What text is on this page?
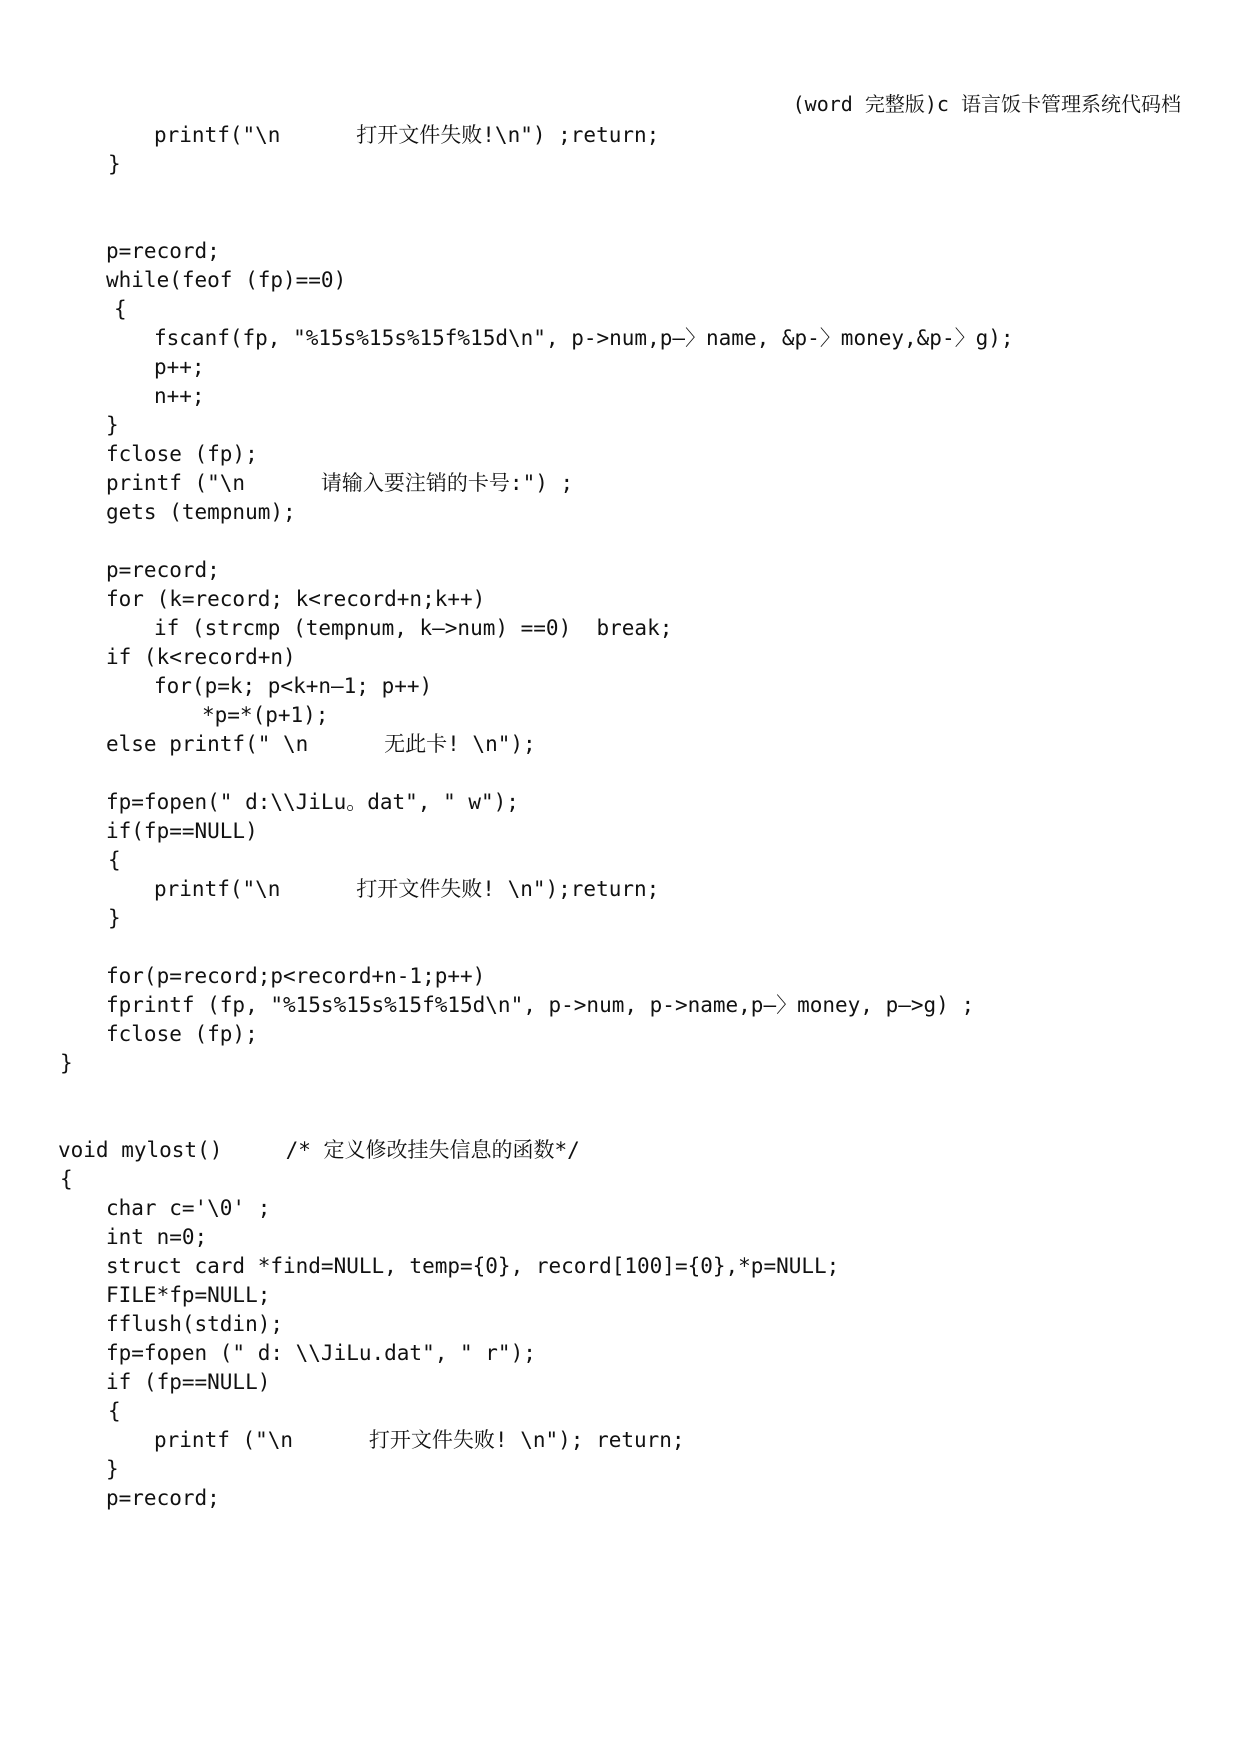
(word 完整版)c 语言饭卡管理系统代码档
printf("\n      打开文件失败!\n") ;return;
}
p=record;
while(feof (fp)==0)
{
fscanf(fp, "%15s%15s%15f%15d\n", p->num,p—〉name, &p-〉money,&p-〉g);
p++;
n++;
}
fclose (fp);
printf ("\n      请输入要注销的卡号:") ;
gets (tempnum);
p=record;
for (k=record; k<record+n;k++)
if (strcmp (tempnum, k—>num) ==0)  break;
if (k<record+n)
for(p=k; p<k+n—1; p++)
*p=*(p+1);
else printf(" \n      无此卡! \n");
fp=fopen(" d:\\JiLu。dat", " w");
if(fp==NULL)
{
printf("\n      打开文件失败! \n");return;
}
for(p=record;p<record+n-1;p++)
fprintf (fp, "%15s%15s%15f%15d\n", p->num, p->name,p—〉money, p—>g) ;
fclose (fp);
}
void mylost()     /* 定义修改挂失信息的函数*/
{
char c='\0' ;
int n=0;
struct card *find=NULL, temp={0}, record[100]={0},*p=NULL;
FILE*fp=NULL;
fflush(stdin);
fp=fopen (" d: \\JiLu.dat", " r");
if (fp==NULL)
{
printf ("\n      打开文件失败! \n"); return;
}
p=record;
